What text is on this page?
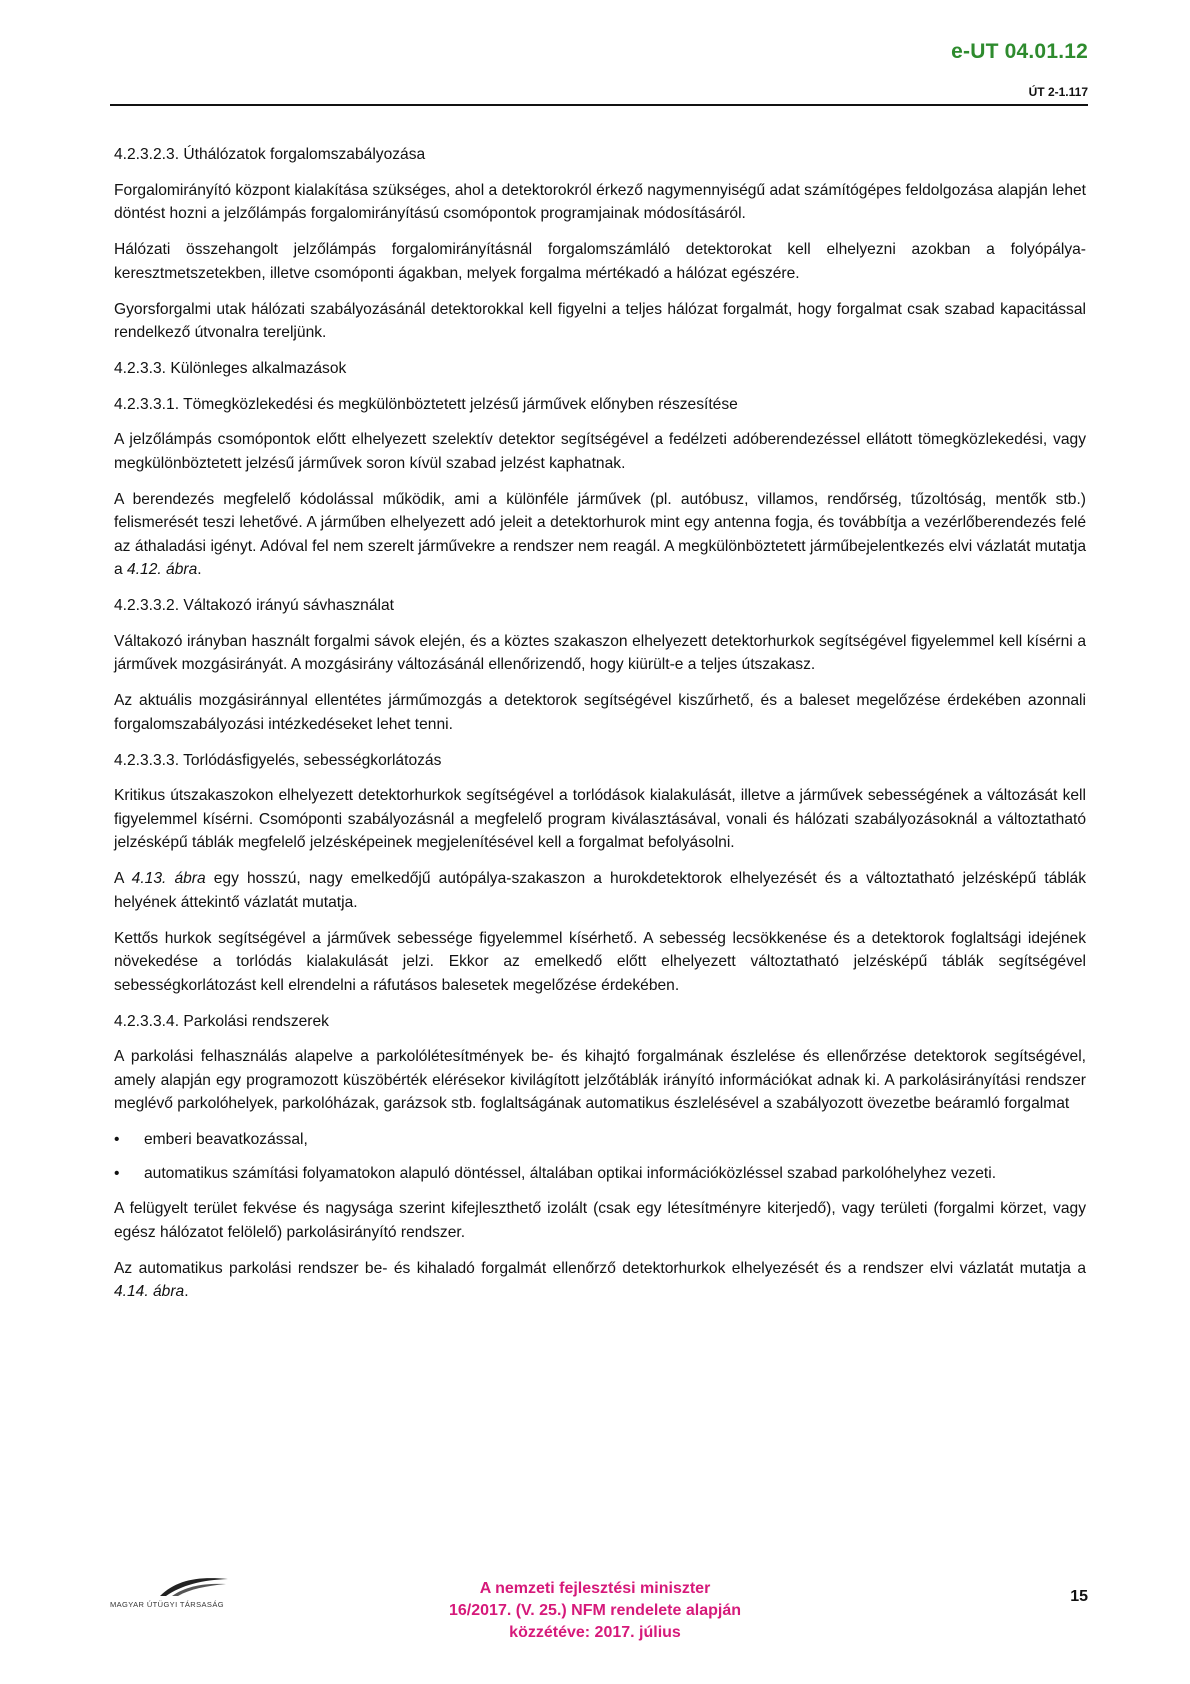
e-UT 04.01.12
ÚT 2-1.117
4.2.3.2.3. Úthálózatok forgalomszabályozása

Forgalomirányító központ kialakítása szükséges, ahol a detektorokról érkező nagymennyiségű adat számítógépes feldolgozása alapján lehet döntést hozni a jelzőlámpás forgalomirányítású csomópontok programjainak módosításáról.

Hálózati összehangolt jelzőlámpás forgalomirányításnál forgalomszámláló detektorokat kell elhelyezni azokban a folyópálya-keresztmetszetekben, illetve csomóponti ágakban, melyek forgalma mértékadó a hálózat egészére.

Gyorsforgalmi utak hálózati szabályozásánál detektorokkal kell figyelni a teljes hálózat forgalmát, hogy forgalmat csak szabad kapacitással rendelkező útvonalra tereljünk.

4.2.3.3. Különleges alkalmazások
4.2.3.3.1. Tömegközlekedési és megkülönböztetett jelzésű járművek előnyben részesítése

A jelzőlámpás csomópontok előtt elhelyezett szelektív detektor segítségével a fedélzeti adóberendezéssel ellátott tömegközlekedési, vagy megkülönböztetett jelzésű járművek soron kívül szabad jelzést kaphatnak.

A berendezés megfelelő kódolással működik, ami a különféle járművek (pl. autóbusz, villamos, rendőrség, tűzoltóság, mentők stb.) felismerését teszi lehetővé. A járműben elhelyezett adó jeleit a detektorhurok mint egy antenna fogja, és továbbítja a vezérlőberendezés felé az áthaladási igényt. Adóval fel nem szerelt járművekre a rendszer nem reagál. A megkülönböztetett járműbejelentkezés elvi vázlatát mutatja a 4.12. ábra.

4.2.3.3.2. Váltakozó irányú sávhasználat

Váltakozó irányban használt forgalmi sávok elején, és a köztes szakaszon elhelyezett detektorhurkok segítségével figyelemmel kell kísérni a járművek mozgásirányát. A mozgásirány változásánál ellenőrizendő, hogy kiürült-e a teljes útszakasz.

Az aktuális mozgásiránnyal ellentétes járműmozgás a detektorok segítségével kiszűrhető, és a baleset megelőzése érdekében azonnali forgalomszabályozási intézkedéseket lehet tenni.

4.2.3.3.3. Torlódásfigyelés, sebességkorlátozás

Kritikus útszakaszokon elhelyezett detektorhurkok segítségével a torlódások kialakulását, illetve a járművek sebességének a változását kell figyelemmel kísérni. Csomóponti szabályozásnál a megfelelő program kiválasztásával, vonali és hálózati szabályozásoknál a változtatható jelzésképű táblák megfelelő jelzésképeinek megjelenítésével kell a forgalmat befolyásolni.

A 4.13. ábra egy hosszú, nagy emelkedőjű autópálya-szakaszon a hurokdetektorok elhelyezését és a változtatható jelzésképű táblák helyének áttekintő vázlatát mutatja.

Kettős hurkok segítségével a járművek sebessége figyelemmel kísérhető. A sebesség lecsökkenése és a detektorok foglaltsági idejének növekedése a torlódás kialakulását jelzi. Ekkor az emelkedő előtt elhelyezett változtatható jelzésképű táblák segítségével sebességkorlátozást kell elrendelni a ráfutásos balesetek megelőzése érdekében.

4.2.3.3.4. Parkolási rendszerek

A parkolási felhasználás alapelve a parkolólétesítmények be- és kihajtó forgalmának észlelése és ellenőrzése detektorok segítségével, amely alapján egy programozott küszöbérték elérésekor kivilágított jelzőtáblák irányító információkat adnak ki. A parkolásirányítási rendszer meglévő parkolóhelyek, parkolóházak, garázsok stb. foglaltságának automatikus észlelésével a szabályozott övezetbe beáramló forgalmat

• emberi beavatkozással,
• automatikus számítási folyamatokon alapuló döntéssel, általában optikai információközléssel szabad parkolóhelyhez vezeti.

A felügyelt terület fekvése és nagysága szerint kifejleszthető izolált (csak egy létesítményre kiterjedő), vagy területi (forgalmi körzet, vagy egész hálózatot felölelő) parkolásirányító rendszer.

Az automatikus parkolási rendszer be- és kihaladó forgalmát ellenőrző detektorhurkok elhelyezését és a rendszer elvi vázlatát mutatja a 4.14. ábra.

MAGYAR ÚTÜGYI TÁRSASÁG
A nemzeti fejlesztési miniszter
16/2017. (V. 25.) NFM rendelete alapján
közzétéve: 2017. július
15
